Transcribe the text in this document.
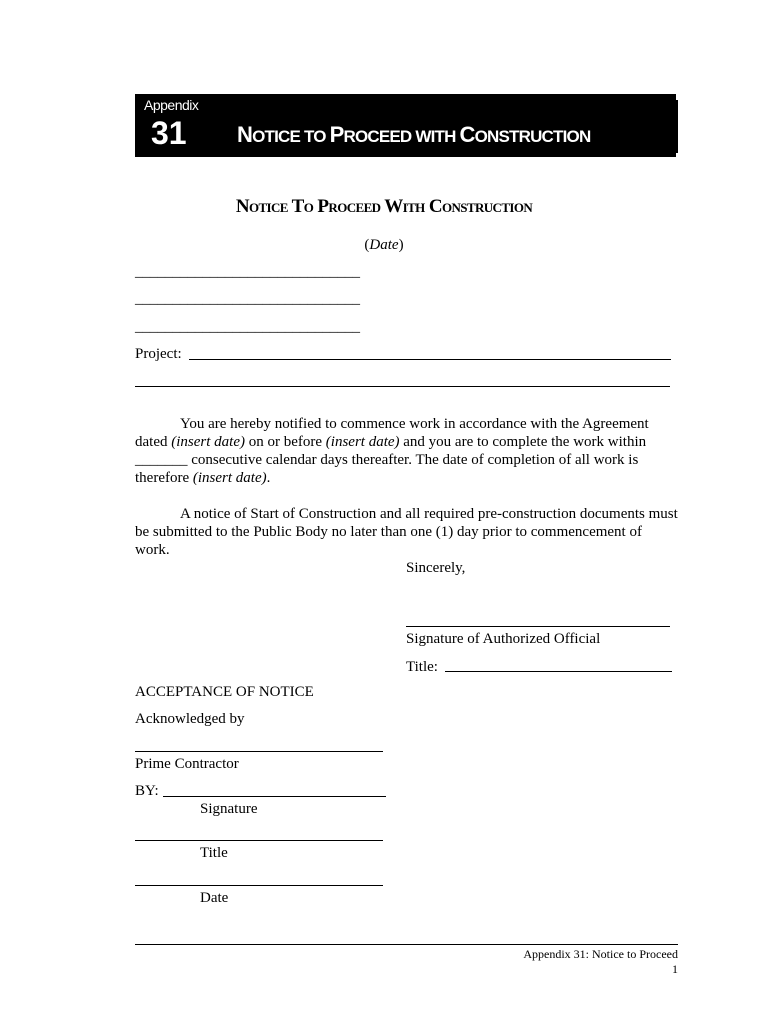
Appendix
31 NOTICE TO PROCEED WITH CONSTRUCTION
Notice To Proceed With Construction
(Date)
______________________________
______________________________
______________________________
Project:
You are hereby notified to commence work in accordance with the Agreement dated (insert date) on or before (insert date) and you are to complete the work within _______ consecutive calendar days thereafter. The date of completion of all work is therefore (insert date).
A notice of Start of Construction and all required pre-construction documents must be submitted to the Public Body no later than one (1) day prior to commencement of work.
Sincerely,
Signature of Authorized Official
Title:
ACCEPTANCE OF NOTICE
Acknowledged by
Prime Contractor
BY:
Signature
Title
Date
Appendix 31: Notice to Proceed
1
